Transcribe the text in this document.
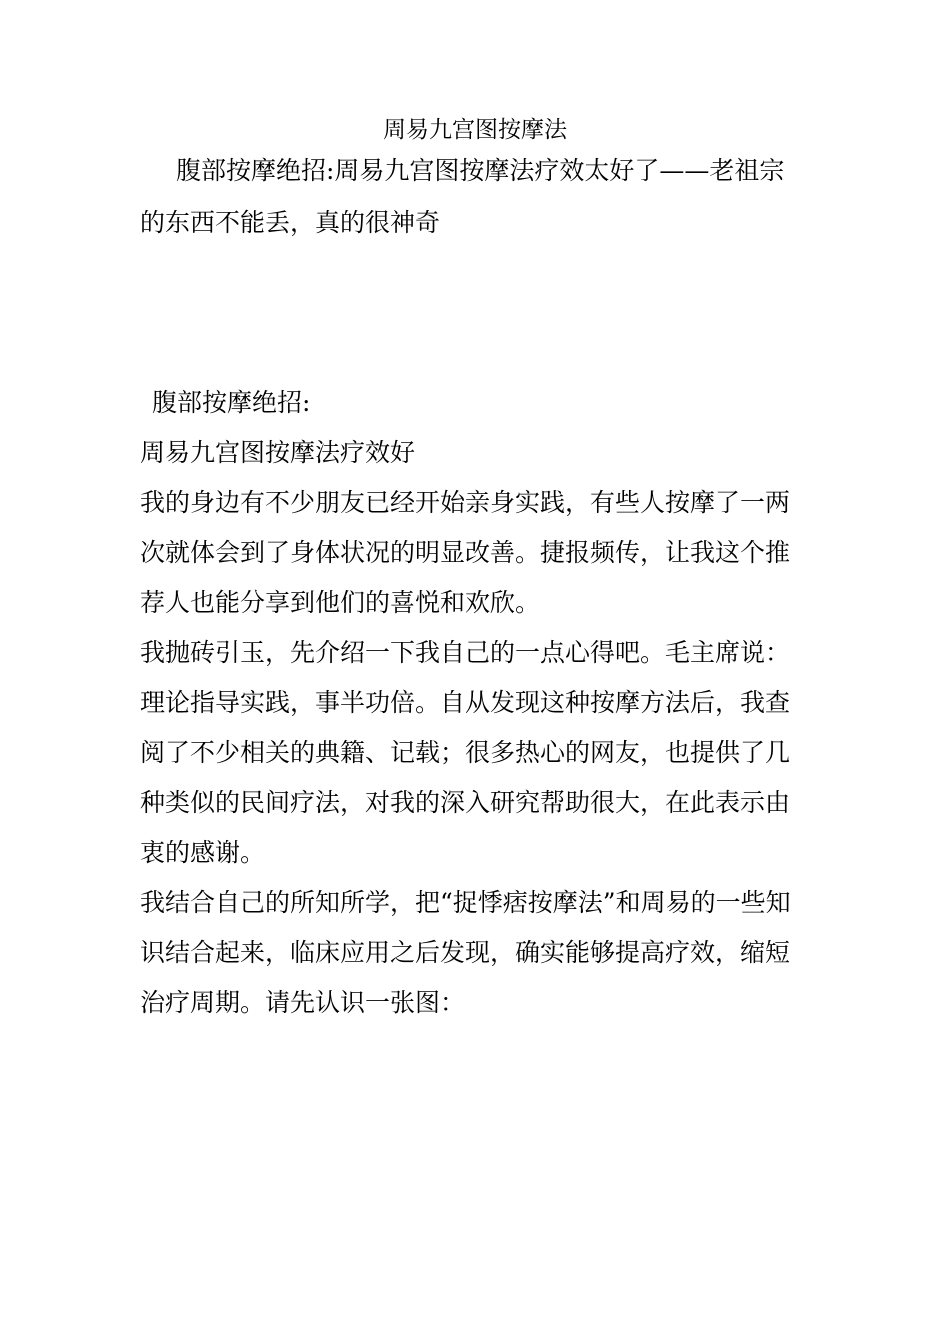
周易九宫图按摩法
腹部按摩绝招:周易九宫图按摩法疗效太好了——老祖宗的东西不能丢，真的很神奇

腹部按摩绝招:

周易九宫图按摩法疗效好

我的身边有不少朋友已经开始亲身实践，有些人按摩了一两次就体会到了身体状况的明显改善。捷报频传，让我这个推荐人也能分享到他们的喜悦和欢欣。

我抛砖引玉，先介绍一下我自己的一点心得吧。毛主席说：理论指导实践，事半功倍。自从发现这种按摩方法后，我查阅了不少相关的典籍、记载；很多热心的网友，也提供了几种类似的民间疗法，对我的深入研究帮助很大，在此表示由衷的感谢。

我结合自己的所知所学，把“捉悸痞按摩法”和周易的一些知识结合起来，临床应用之后发现，确实能够提高疗效，缩短治疗周期。请先认识一张图：
